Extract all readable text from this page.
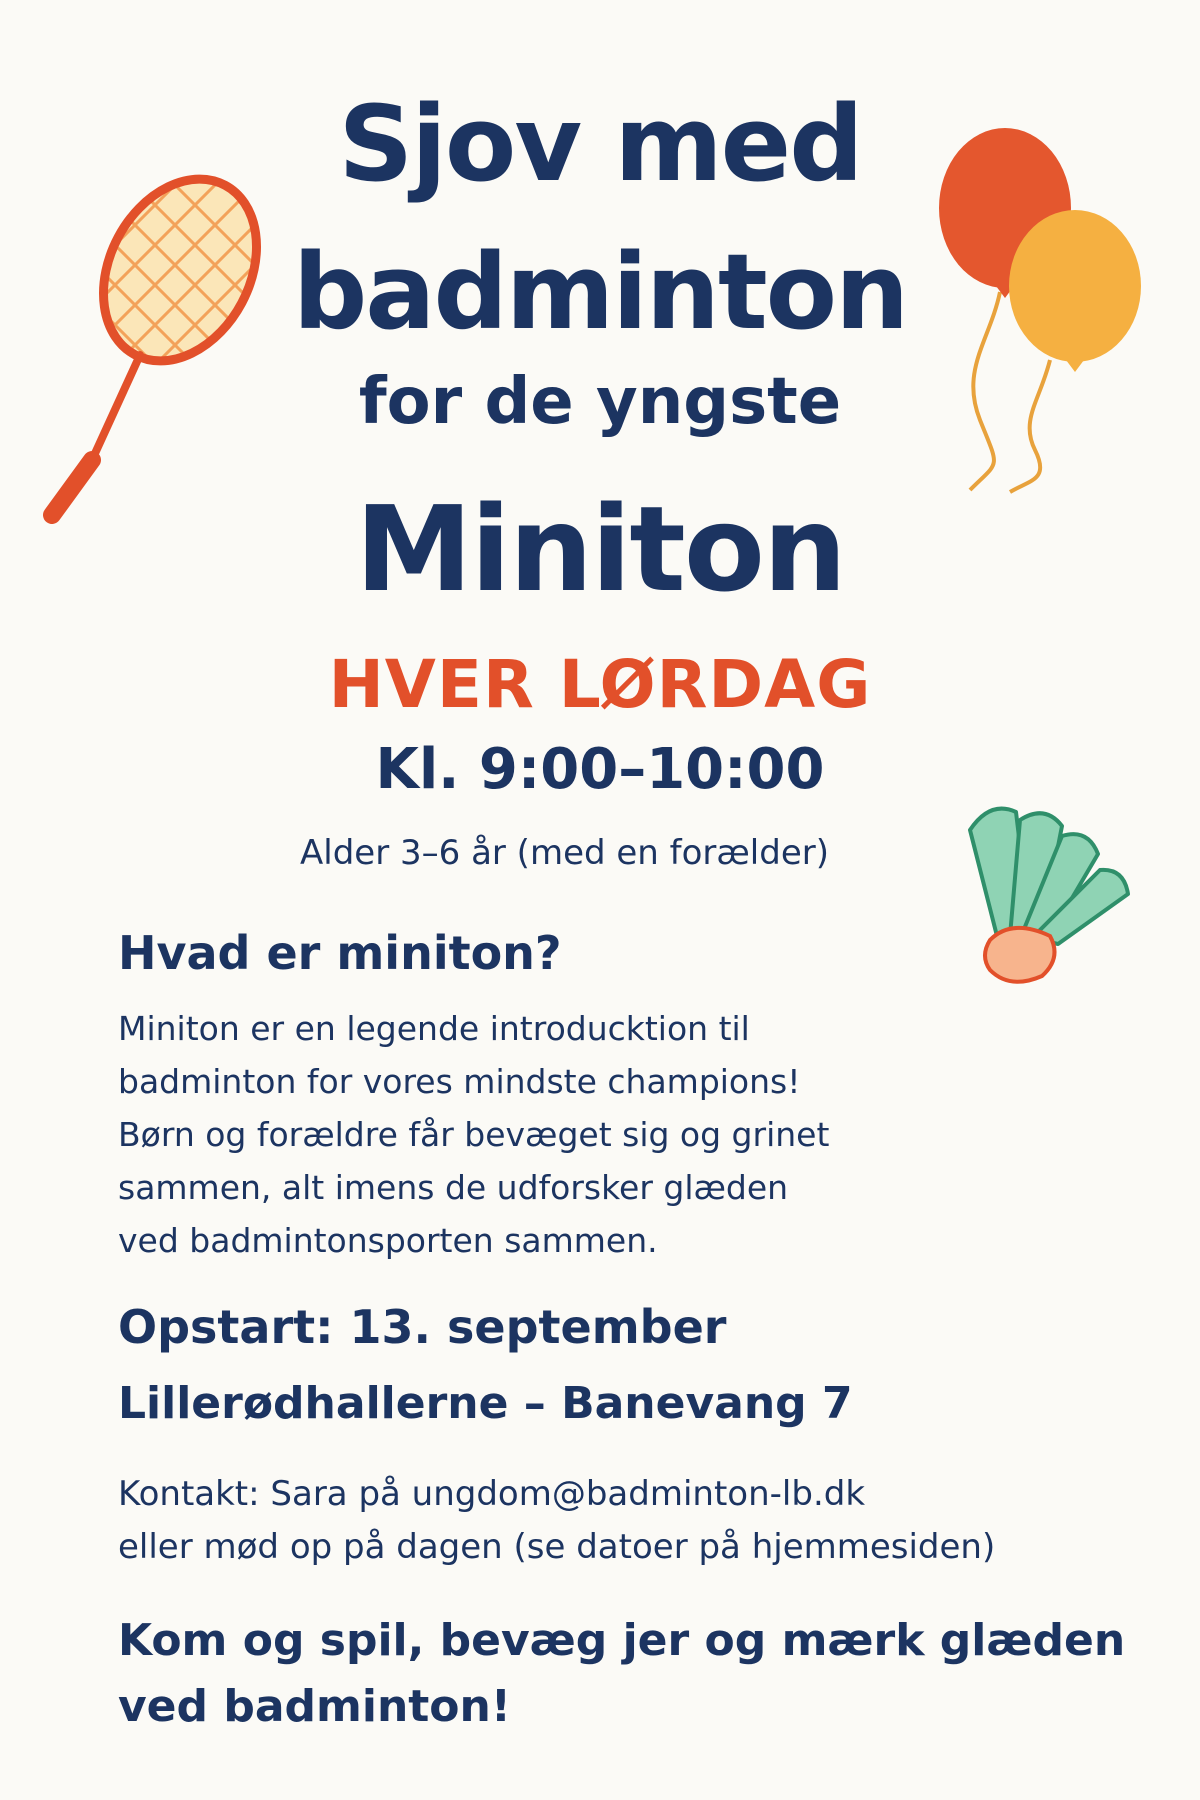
Sjov med
badminton
for de yngste
Miniton
HVER LØRDAG
Kl. 9:00–10:00
Alder 3–6 år (med en forælder)
Hvad er miniton?
Miniton er en legende introducktion til
badminton for vores mindste champions!
Børn og forældre får bevæget sig og grinet
sammen, alt imens de udforsker glæden
ved badmintonsporten sammen.
Opstart: 13. september
Lillerødhallerne – Banevang 7
Kontakt: Sara på ungdom@badminton-lb.dk
eller mød op på dagen (se datoer på hjemmesiden)
Kom og spil, bevæg jer og mærk glæden
ved badminton!
